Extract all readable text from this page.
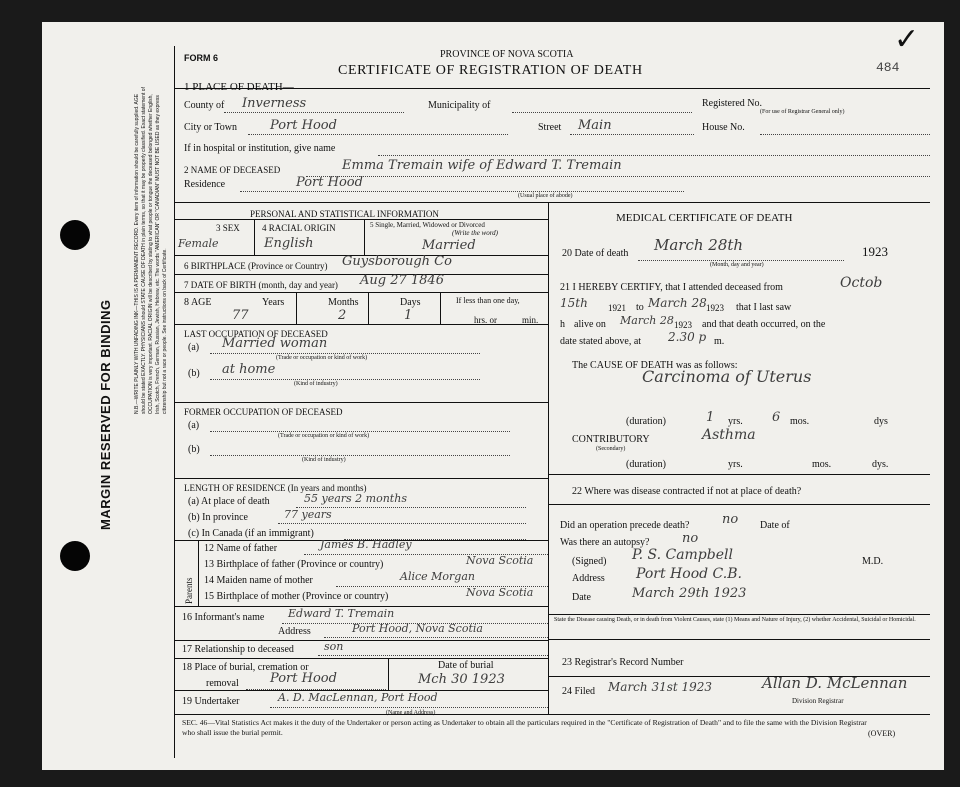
MARGIN RESERVED FOR BINDING
N.B.—WRITE PLAINLY WITH UNFADING INK—THIS IS A PERMANENT RECORD. Every item of information should be carefully supplied. AGE should be stated EXACTLY. PHYSICIANS should STATE CAUSE OF DEATH in plain terms, so that it may be properly classified. Exact statement of OCCUPATION is very important. RACIAL ORIGIN will be described by stating to what people or tongue the deceased belonged whether English, Irish, Scotch, French, German, Russian, Jewish, Hebrew, etc. The words "AMERICAN" OR "CANADIAN" MUST NOT BE USED as they express citizenship but not a race or people. See instructions on back of Certificate.
FORM 6	PROVINCE OF NOVA SCOTIA
CERTIFICATE OF REGISTRATION OF DEATH	484
✓
1 PLACE OF DEATH—
County of Inverness	Municipality of	Registered No.
(For use of Registrar General only)
City or Town	Port Hood	Street Main	House No.
If in hospital or institution, give name
2 NAME OF DECEASED	Emma Tremain wife of Edward T. Tremain
Residence	Port Hood
(Usual place of abode)
PERSONAL AND STATISTICAL INFORMATION
3 SEX 4 RACIAL ORIGIN	5 Single, Married, Widowed or Divorced
(Write the word)
Female	English	Married
6 BIRTHPLACE (Province or Country) Guysborough Co
7 DATE OF BIRTH (month, day and year) Aug 27 1846
8 AGE	Years	Months	Days	If less than one day,
hrs. or	min.
77	2	1
LAST OCCUPATION OF DECEASED
(a) Married woman
(Trade or occupation or kind of work)
(b) at home
(Kind of industry)
FORMER OCCUPATION OF DECEASED
(a)
(Trade or occupation or kind of work)
(b)
(Kind of industry)
LENGTH OF RESIDENCE (In years and months)
(a) At place of death	55 years 2 months
(b) In province	77 years
(c) In Canada (if an immigrant)
Parents
12 Name of father	James B. Hadley
13 Birthplace of father (Province or country)	Nova Scotia
14 Maiden name of mother	Alice Morgan
15 Birthplace of mother (Province or country)	Nova Scotia
16 Informant's name Edward T. Tremain
Address	Port Hood, Nova Scotia
17 Relationship to deceased	son
18 Place of burial, cremation or
removal Port Hood
Date of burial
Mch 30 1923
19 Undertaker	A. D. MacLennan, Port Hood
(Name and Address)
MEDICAL CERTIFICATE OF DEATH
20 Date of death March 28th	1923
(Month, day and year)
21 I HEREBY CERTIFY, that I attended deceased from	Octob
15th 1921 to March 28 1923 that I last saw
h alive on March 28 1923 and that death occurred, on the
date stated above, at 2.30 p m.
The CAUSE OF DEATH was as follows:
Carcinoma of Uterus
(duration)	1 yrs. 6 mos.	dys
CONTRIBUTORY	Asthma
(Secondary)
(duration)	yrs.	mos.	dys.
22 Where was disease contracted if not at place of death?
Did an operation precede death?	no Date of
Was there an autopsy?	no
(Signed) P. S. Campbell	M.D.
Address Port Hood C.B.
Date	March 29th 1923
State the Disease causing Death, or in death from Violent Causes, state (1) Means and Nature of Injury, (2) whether Accidental, Suicidal or Homicidal.
23 Registrar's Record Number
24 Filed March 31st 1923	Allan D. McLennan
Division Registrar
SEC. 46—Vital Statistics Act makes it the duty of the Undertaker or person acting as Undertaker to obtain all the particulars required in the "Certificate of Registration of Death" and to file the same with the Division Registrar who shall issue the burial permit.	(OVER)
